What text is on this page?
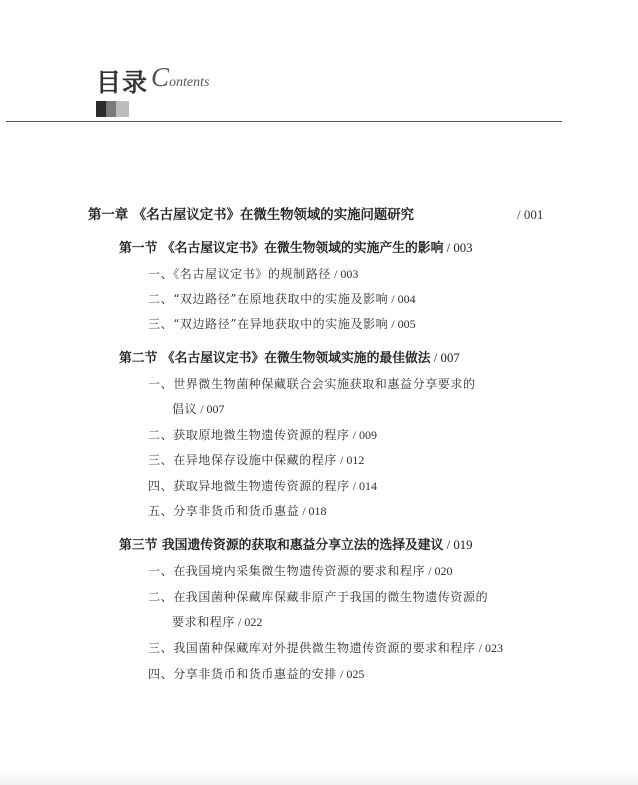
目录 Contents
第一章 《名古屋议定书》在微生物领域的实施问题研究	/ 001
第一节 《名古屋议定书》在微生物领域的实施产生的影响 / 003
一、《名古屋议定书》的规制路径 / 003
二、“双边路径”在原地获取中的实施及影响 / 004
三、“双边路径”在异地获取中的实施及影响 / 005
第二节 《名古屋议定书》在微生物领域实施的最佳做法 / 007
一、世界微生物菌种保藏联合会实施获取和惠益分享要求的
倡议 / 007
二、获取原地微生物遗传资源的程序 / 009
三、在异地保存设施中保藏的程序 / 012
四、获取异地微生物遗传资源的程序 / 014
五、分享非货币和货币惠益 / 018
第三节 我国遗传资源的获取和惠益分享立法的选择及建议 / 019
一、在我国境内采集微生物遗传资源的要求和程序 / 020
二、在我国菌种保藏库保藏非原产于我国的微生物遗传资源的
要求和程序 / 022
三、我国菌种保藏库对外提供微生物遗传资源的要求和程序 / 023
四、分享非货币和货币惠益的安排 / 025
